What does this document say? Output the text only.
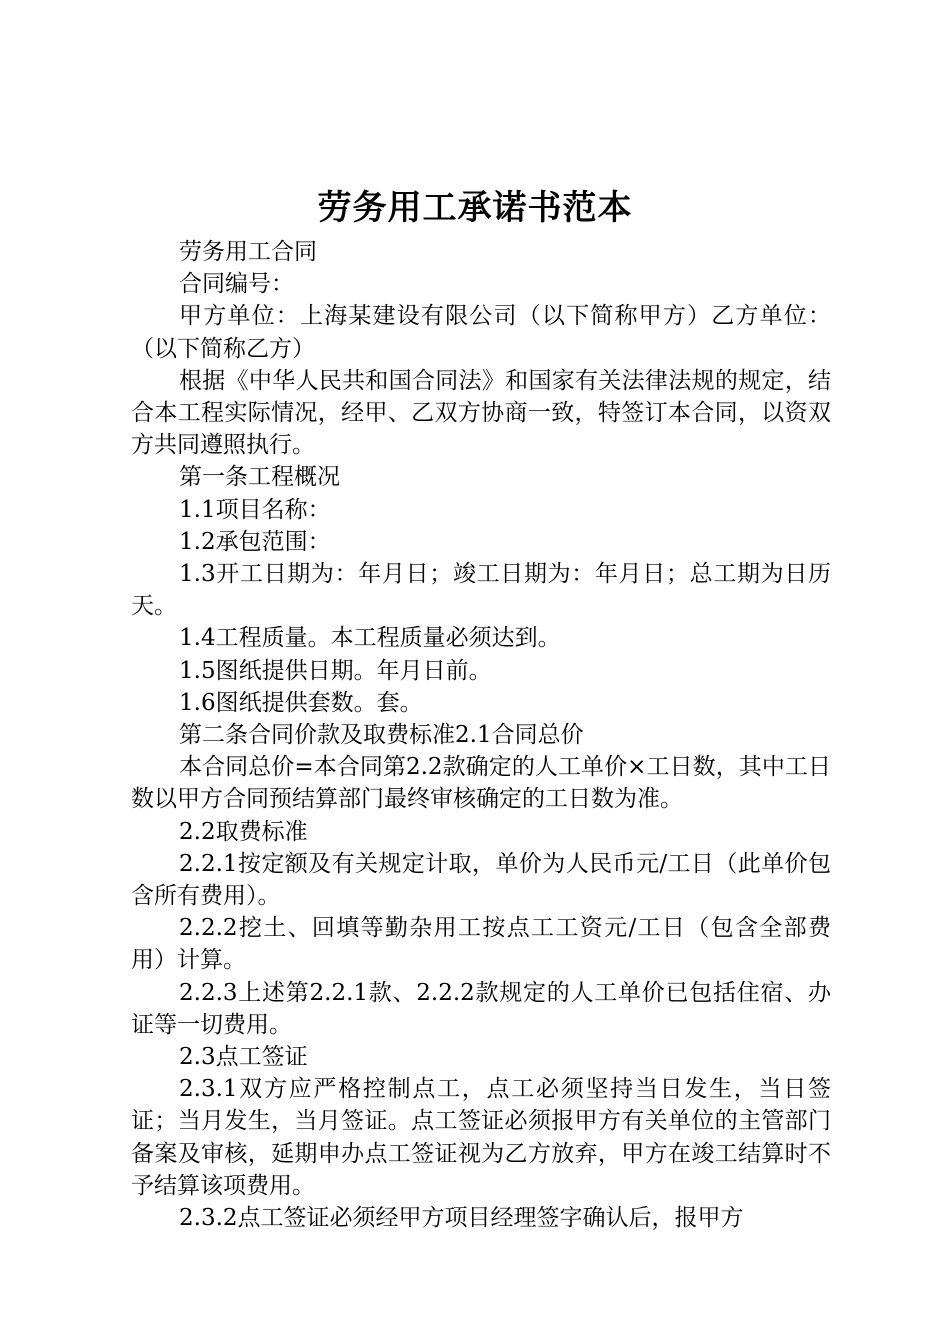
劳务用工承诺书范本

劳务用工合同

合同编号：

甲方单位：上海某建设有限公司（以下简称甲方）乙方单位：（以下简称乙方）

根据《中华人民共和国合同法》和国家有关法律法规的规定，结合本工程实际情况，经甲、乙双方协商一致，特签订本合同，以资双方共同遵照执行。

第一条工程概况

1.1项目名称：

1.2承包范围：

1.3开工日期为：年月日；竣工日期为：年月日；总工期为日历天。

1.4工程质量。本工程质量必须达到。

1.5图纸提供日期。年月日前。

1.6图纸提供套数。套。

第二条合同价款及取费标准2.1合同总价

本合同总价=本合同第2.2款确定的人工单价×工日数，其中工日数以甲方合同预结算部门最终审核确定的工日数为准。

2.2取费标准

2.2.1按定额及有关规定计取，单价为人民币元/工日（此单价包含所有费用）。

2.2.2挖土、回填等勤杂用工按点工工资元/工日（包含全部费用）计算。

2.2.3上述第2.2.1款、2.2.2款规定的人工单价已包括住宿、办证等一切费用。

2.3点工签证

2.3.1双方应严格控制点工，点工必须坚持当日发生，当日签证；当月发生，当月签证。点工签证必须报甲方有关单位的主管部门备案及审核，延期申办点工签证视为乙方放弃，甲方在竣工结算时不予结算该项费用。

2.3.2点工签证必须经甲方项目经理签字确认后，报甲方
